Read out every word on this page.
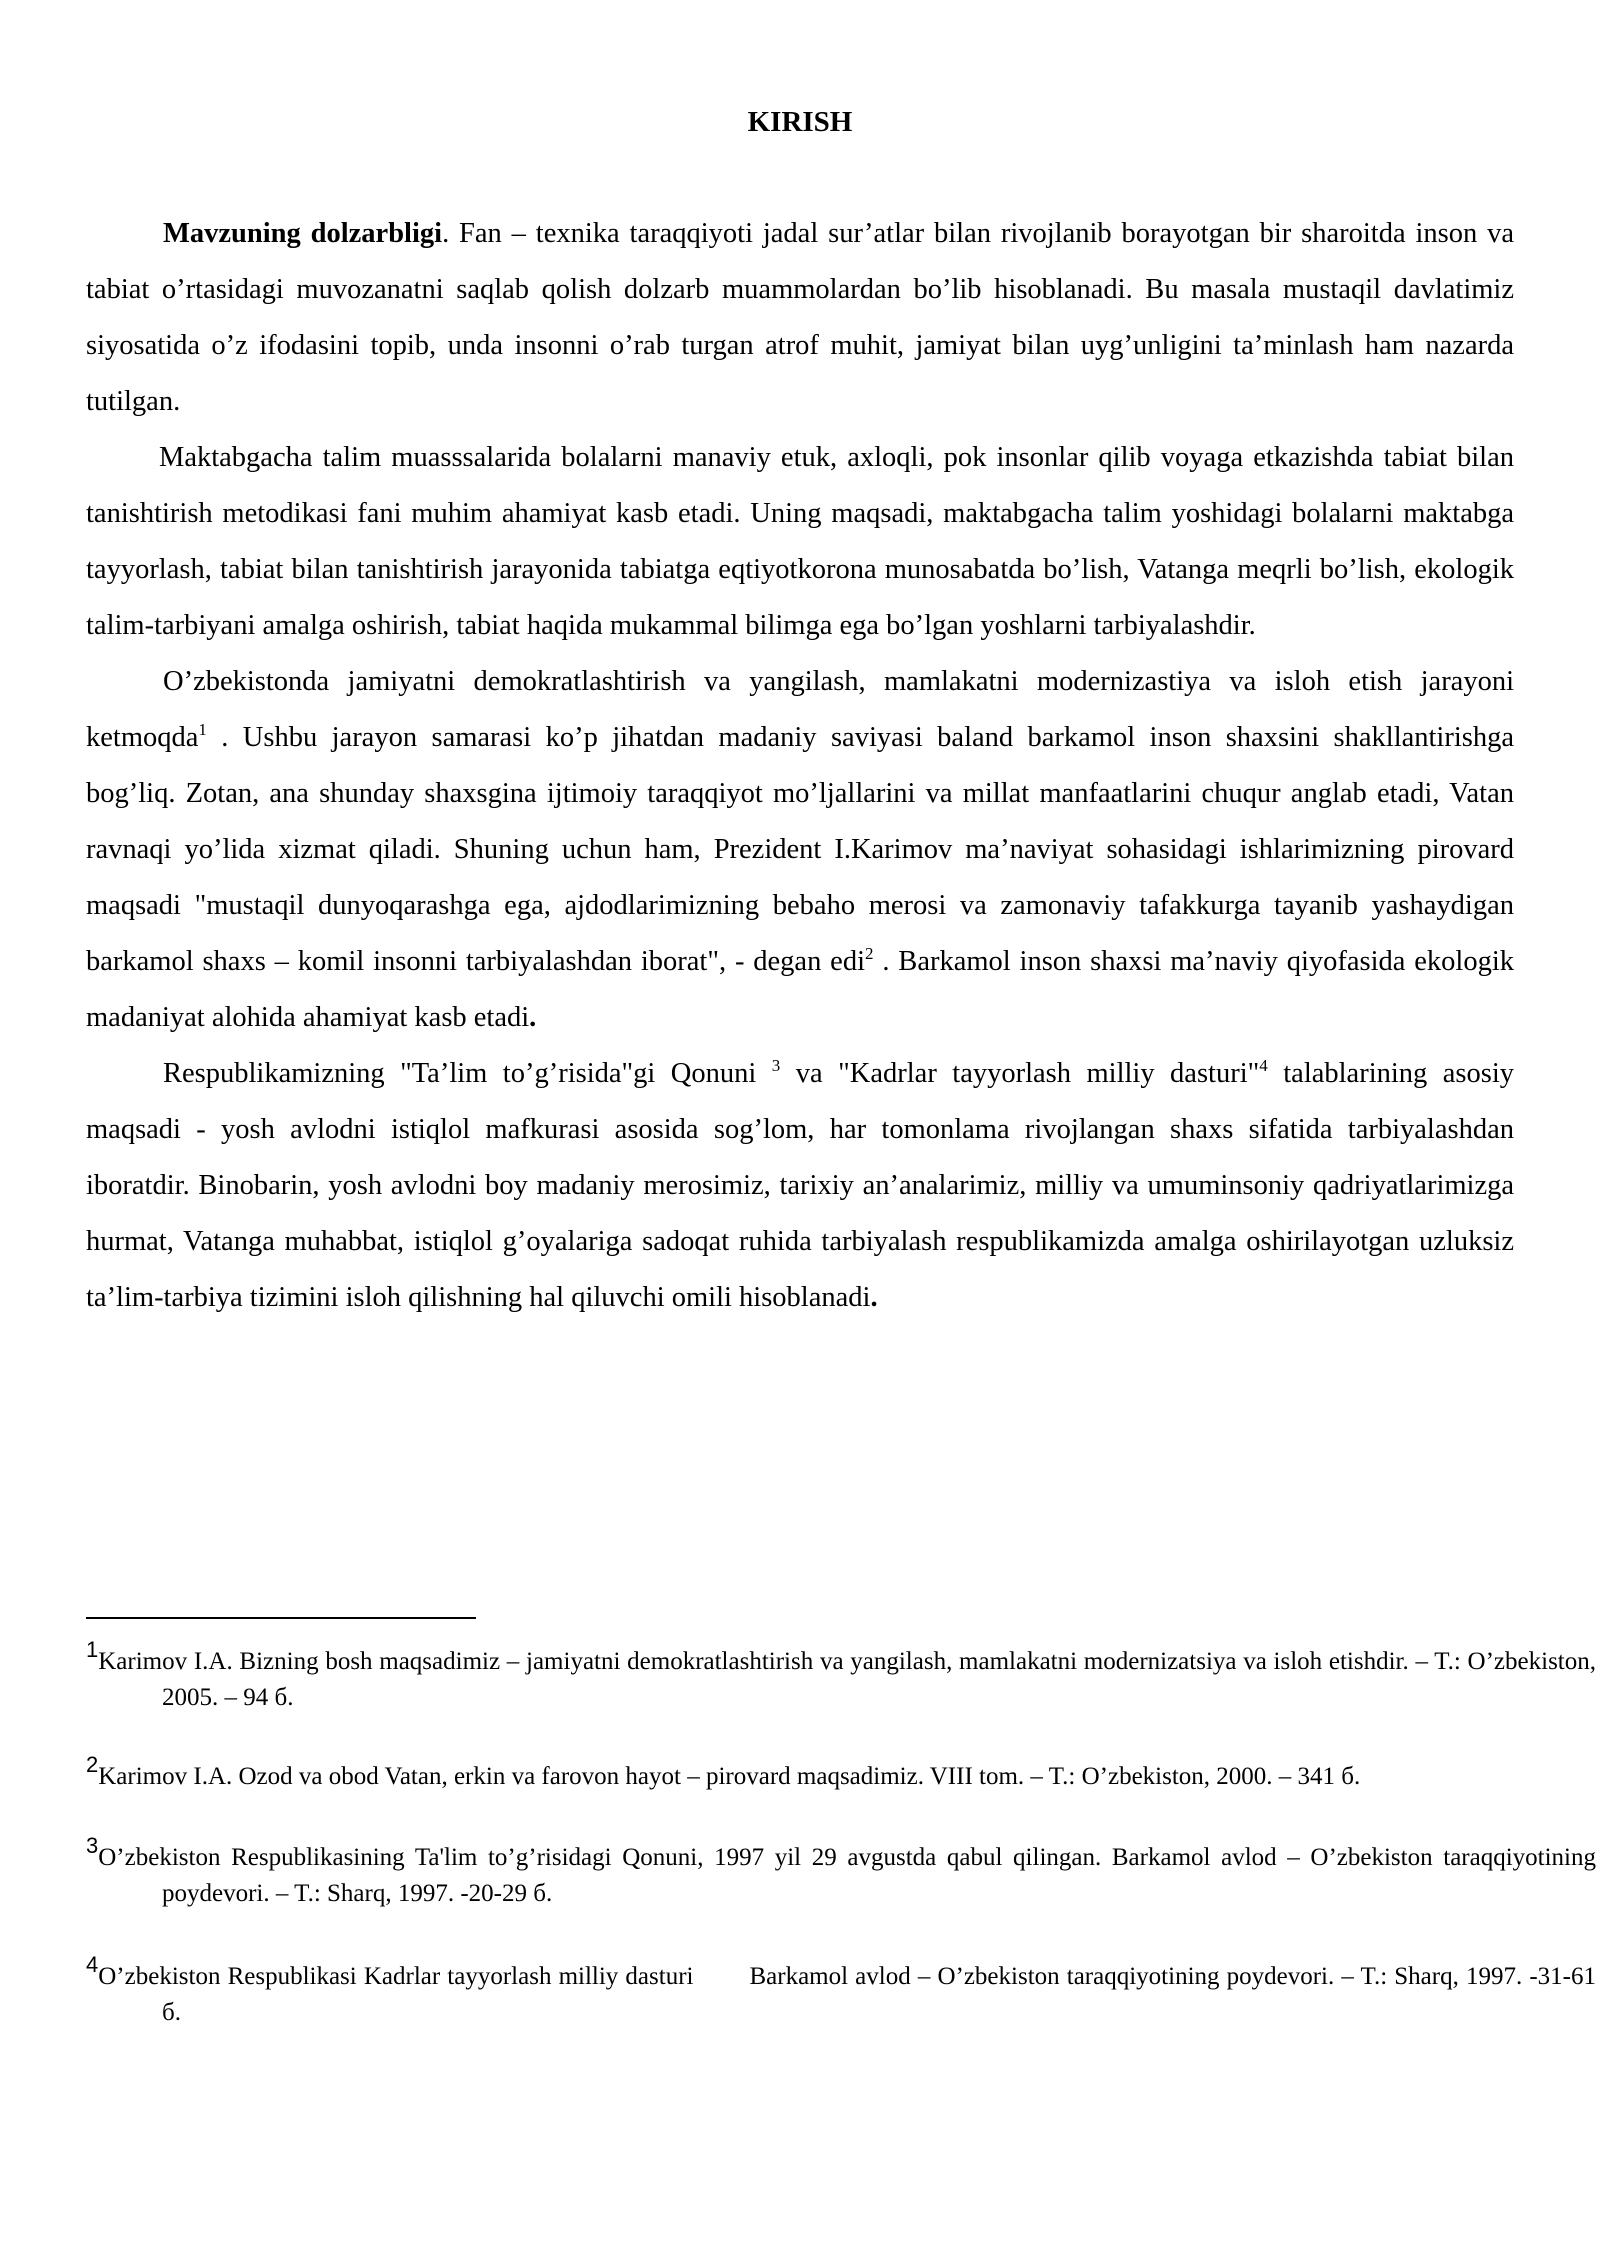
KIRISH

Mavzuning dolzarbligi. Fan – texnika taraqqiyoti jadal sur’atlar bilan rivojlanib borayotgan bir sharoitda inson va tabiat o’rtasidagi muvozanatni saqlab qolish dolzarb muammolardan bo’lib hisoblanadi. Bu masala mustaqil davlatimiz siyosatida o’z ifodasini topib, unda insonni o’rab turgan atrof muhit, jamiyat bilan uyg’unligini ta’minlash ham nazarda tutilgan.

Maktabgacha talim muasssalarida bolalarni manaviy etuk, axloqli, pok insonlar qilib voyaga etkazishda tabiat bilan tanishtirish metodikasi fani muhim ahamiyat kasb etadi. Uning maqsadi, maktabgacha talim yoshidagi bolalarni maktabga tayyorlash, tabiat bilan tanishtirish jarayonida tabiatga eqtiyotkorona munosabatda bo’lish, Vatanga meqrli bo’lish, ekologik talim-tarbiyani amalga oshirish, tabiat haqida mukammal bilimga ega bo’lgan yoshlarni tarbiyalashdir.

O’zbekistonda jamiyatni demokratlashtirish va yangilash, mamlakatni modernizastiya va isloh etish jarayoni ketmoqda$^1$ . Ushbu jarayon samarasi ko’p jihatdan madaniy saviyasi baland barkamol inson shaxsini shakllantirishga bog’liq. Zotan, ana shunday shaxsgina ijtimoiy taraqqiyot mo’ljallarini va millat manfaatlarini chuqur anglab etadi, Vatan ravnaqi yo’lida xizmat qiladi. Shuning uchun ham, Prezident I.Karimov ma’naviyat sohasidagi ishlarimizning pirovard maqsadi "mustaqil dunyoqarashga ega, ajdodlarimizning bebaho merosi va zamonaviy tafakkurga tayanib yashaydigan barkamol shaxs – komil insonni tarbiyalashdan iborat", - degan edi$^2$ . Barkamol inson shaxsi ma’naviy qiyofasida ekologik madaniyat alohida ahamiyat kasb etadi.

Respublikamizning "Ta’lim to’g’risida"gi Qonuni $^3$ va "Kadrlar tayyorlash milliy dasturi"$^4$ talablarining asosiy maqsadi - yosh avlodni istiqlol mafkurasi asosida sog’lom, har tomonlama rivojlangan shaxs sifatida tarbiyalashdan iboratdir. Binobarin, yosh avlodni boy madaniy merosimiz, tarixiy an’analarimiz, milliy va umuminsoniy qadriyatlarimizga hurmat, Vatanga muhabbat, istiqlol g’oyalariga sadoqat ruhida tarbiyalash respublikamizda amalga oshirilayotgan uzluksiz ta’lim-tarbiya tizimini isloh qilishning hal qiluvchi omili hisoblanadi.

1Karimov I.A. Bizning bosh maqsadimiz – jamiyatni demokratlashtirish va yangilash, mamlakatni modernizatsiya va isloh etishdir. – T.: O’zbekiston, 2005. – 94 б.

2Karimov I.A. Ozod va obod Vatan, erkin va farovon hayot – pirovard maqsadimiz. VIII tom. – T.: O’zbekiston, 2000. – 341 б.

3O’zbekiston Respublikasining Ta'lim to’g’risidagi Qonuni, 1997 yil 29 avgustda qabul qilingan. Barkamol avlod – O’zbekiston taraqqiyotining poydevori. – T.: Sharq, 1997. -20-29 б.

4O’zbekiston Respublikasi Kadrlar tayyorlash milliy dasturi Barkamol avlod – O’zbekiston taraqqiyotining poydevori. – T.: Sharq, 1997. -31-61 б.
